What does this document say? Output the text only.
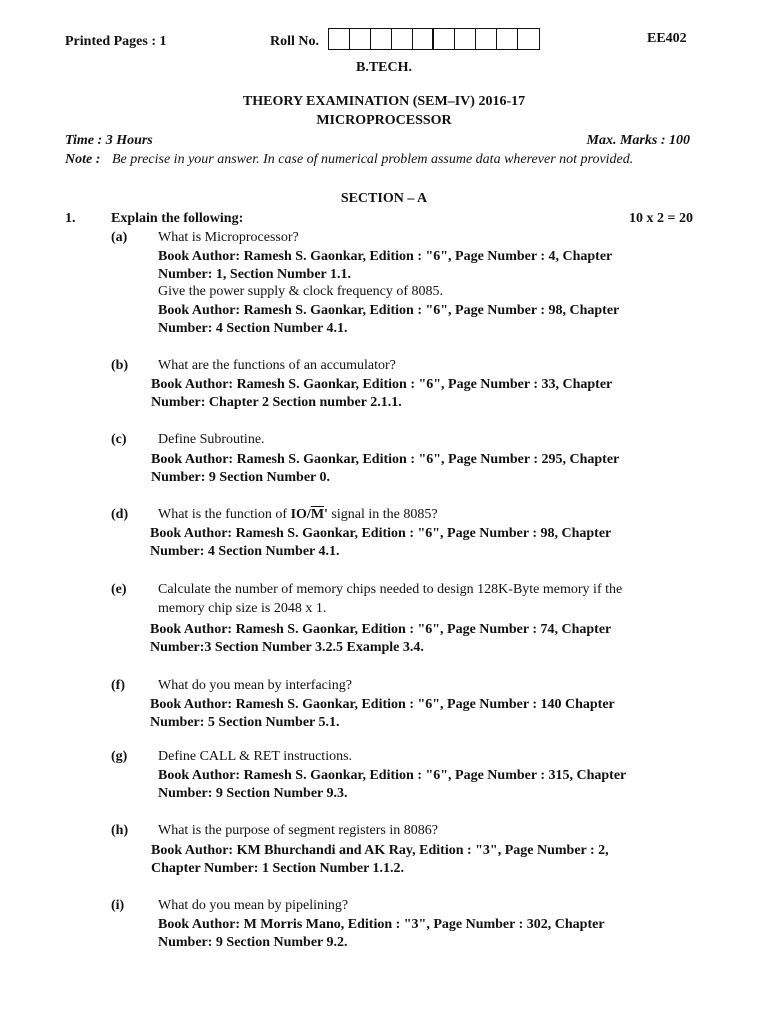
Printed Pages : 1	Roll No.	EE402
B.TECH.
THEORY EXAMINATION (SEM–IV) 2016-17
MICROPROCESSOR
Time : 3 Hours	Max. Marks : 100
Note : Be precise in your answer. In case of numerical problem assume data wherever not provided.
SECTION – A
1.	Explain the following:	10 x 2 = 20
(a) What is Microprocessor?
Book Author: Ramesh S. Gaonkar, Edition : "6", Page Number : 4, Chapter
Number: 1, Section Number 1.1.
Give the power supply & clock frequency of 8085.
Book Author: Ramesh S. Gaonkar, Edition : "6", Page Number : 98, Chapter
Number: 4 Section Number 4.1.
(b) What are the functions of an accumulator?
Book Author: Ramesh S. Gaonkar, Edition : "6", Page Number : 33, Chapter
Number: Chapter 2 Section number 2.1.1.
(c) Define Subroutine.
Book Author: Ramesh S. Gaonkar, Edition : "6", Page Number : 295, Chapter
Number: 9 Section Number 0.
(d) What is the function of $IO/\overline{M}'$ signal in the 8085?
Book Author: Ramesh S. Gaonkar, Edition : "6", Page Number : 98, Chapter
Number: 4 Section Number 4.1.
(e) Calculate the number of memory chips needed to design 128K-Byte memory if the
memory chip size is 2048 x 1.
Book Author: Ramesh S. Gaonkar, Edition : "6", Page Number : 74, Chapter
Number:3 Section Number 3.2.5 Example 3.4.
(f) What do you mean by interfacing?
Book Author: Ramesh S. Gaonkar, Edition : "6", Page Number : 140 Chapter
Number: 5 Section Number 5.1.
(g) Define CALL & RET instructions.
Book Author: Ramesh S. Gaonkar, Edition : "6", Page Number : 315, Chapter
Number: 9 Section Number 9.3.
(h) What is the purpose of segment registers in 8086?
Book Author: KM Bhurchandi and AK Ray, Edition : "3", Page Number : 2,
Chapter Number: 1 Section Number 1.1.2.
(i) What do you mean by pipelining?
Book Author: M Morris Mano, Edition : "3", Page Number : 302, Chapter
Number: 9 Section Number 9.2.
